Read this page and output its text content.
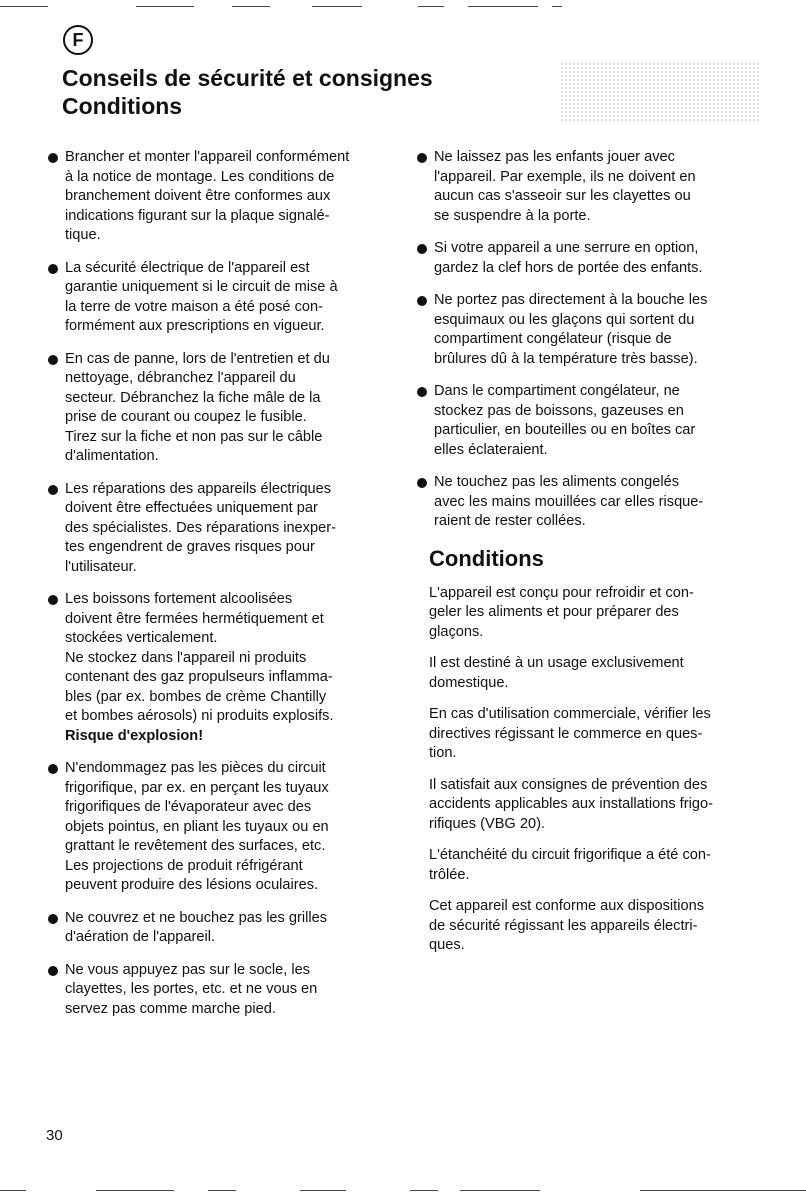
F
Conseils de sécurité et consignes
Conditions
Brancher et monter l'appareil conformément
à la notice de montage. Les conditions de
branchement doivent être conformes aux
indications figurant sur la plaque signalé-
tique.
La sécurité électrique de l'appareil est
garantie uniquement si le circuit de mise à
la terre de votre maison a été posé con-
formément aux prescriptions en vigueur.
En cas de panne, lors de l'entretien et du
nettoyage, débranchez l'appareil du
secteur. Débranchez la fiche mâle de la
prise de courant ou coupez le fusible.
Tirez sur la fiche et non pas sur le câble
d'alimentation.
Les réparations des appareils électriques
doivent être effectuées uniquement par
des spécialistes. Des réparations inexper-
tes engendrent de graves risques pour
l'utilisateur.
Les boissons fortement alcoolisées
doivent être fermées hermétiquement et
stockées verticalement.
Ne stockez dans l'appareil ni produits
contenant des gaz propulseurs inflamma-
bles (par ex. bombes de crème Chantilly
et bombes aérosols) ni produits explosifs.
Risque d'explosion!
N'endommagez pas les pièces du circuit
frigorifique, par ex. en perçant les tuyaux
frigorifiques de l'évaporateur avec des
objets pointus, en pliant les tuyaux ou en
grattant le revêtement des surfaces, etc.
Les projections de produit réfrigérant
peuvent produire des lésions oculaires.
Ne couvrez et ne bouchez pas les grilles
d'aération de l'appareil.
Ne vous appuyez pas sur le socle, les
clayettes, les portes, etc. et ne vous en
servez pas comme marche pied.
Ne laissez pas les enfants jouer avec
l'appareil. Par exemple, ils ne doivent en
aucun cas s'asseoir sur les clayettes ou
se suspendre à la porte.
Si votre appareil a une serrure en option,
gardez la clef hors de portée des enfants.
Ne portez pas directement à la bouche les
esquimaux ou les glaçons qui sortent du
compartiment congélateur (risque de
brûlures dû à la température très basse).
Dans le compartiment congélateur, ne
stockez pas de boissons, gazeuses en
particulier, en bouteilles ou en boîtes car
elles éclateraient.
Ne touchez pas les aliments congelés
avec les mains mouillées car elles risque-
raient de rester collées.
Conditions
L'appareil est conçu pour refroidir et con-
geler les aliments et pour préparer des
glaçons.
Il est destiné à un usage exclusivement
domestique.
En cas d'utilisation commerciale, vérifier les
directives régissant le commerce en ques-
tion.
Il satisfait aux consignes de prévention des
accidents applicables aux installations frigo-
rifiques (VBG 20).
L'étanchéité du circuit frigorifique a été con-
trôlée.
Cet appareil est conforme aux dispositions
de sécurité régissant les appareils électri-
ques.
30
